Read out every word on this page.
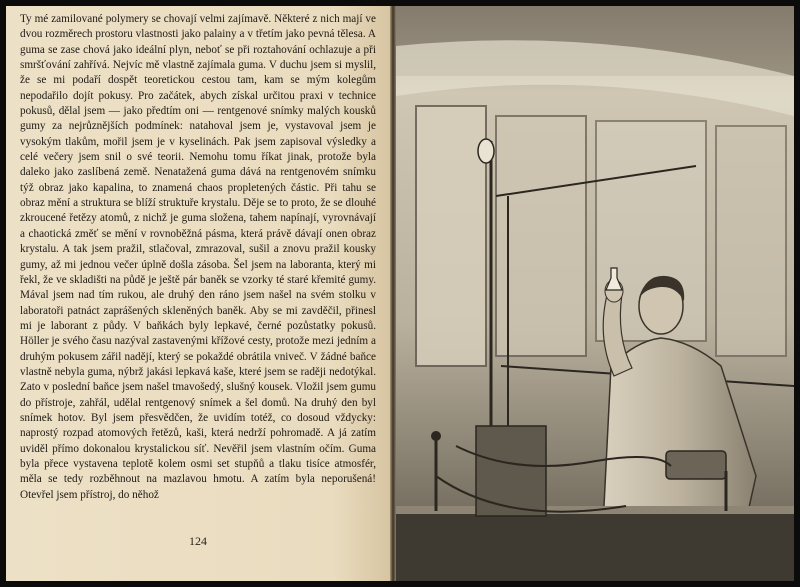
Ty mé zamilované polymery se chovají velmi zajímavě. Některé z nich mají ve dvou rozměrech prostoru vlastnosti jako palainy a v třetím jako pevná tělesa. A guma se zase chová jako ideální plyn, neboť se při roztahování ochlazuje a při smršťování zahřívá. Nejvíc mě vlastně zajímala guma. V duchu jsem si myslil, že se mi podaří dospět teoretickou cestou tam, kam se mým kolegům nepodařilo dojít pokusy. Pro začátek, abych získal určitou praxi v technice pokusů, dělal jsem — jako předtím oni — rentgenové snímky malých kousků gumy za nejrůznějších podmínek: natahoval jsem je, vystavoval jsem je vysokým tlakům, mořil jsem je v kyselinách. Pak jsem zapisoval výsledky a celé večery jsem snil o své teorii. Nemohu tomu říkat jinak, protože byla daleko jako zaslíbená země. Nenatažená guma dává na rentgenovém snímku týž obraz jako kapalina, to znamená chaos propletených částic. Při tahu se obraz mění a struktura se blíží struktuře krystalu. Děje se to proto, že se dlouhé zkroucené řetězy atomů, z nichž je guma složena, tahem napínají, vyrovnávají a chaotická změť se mění v rovnoběžná pásma, která právě dávají onen obraz krystalu. A tak jsem pražil, stlačoval, zmrazoval, sušil a znovu pražil kousky gumy, až mi jednou večer úplně došla zásoba. Šel jsem na laboranta, který mi řekl, že ve skladišti na půdě je ještě pár baněk se vzorky té staré křemité gumy. Mával jsem nad tím rukou, ale druhý den ráno jsem našel na svém stolku v laboratoři patnáct zaprášených skleněných baněk. Aby se mi zavděčil, přinesl mi je laborant z půdy. V baňkách byly lepkavé, černé pozůstatky pokusů. Höller je svého času nazýval zastavenými křížové cesty, protože mezi jedním a druhým pokusem zářil nadějí, který se pokaždé obrátila vniveč. V žádné baňce vlastně nebyla guma, nýbrž jakási lepkavá kaše, které jsem se raději nedotýkal. Zato v poslední baňce jsem našel tmavošedý, slušný kousek. Vložil jsem gumu do přístroje, zahřál, udělal rentgenový snímek a šel domů. Na druhý den byl snímek hotov. Byl jsem přesvědčen, že uvidím totéž, co dosoud vždycky: naprostý rozpad atomových řetězů, kaši, která nedrží pohromadě. A já zatím uviděl přímo dokonalou krystalickou síť. Nevěřil jsem vlastním očím. Guma byla přece vystavena teplotě kolem osmi set stupňů a tlaku tisíce atmosfér, měla se tedy rozběhnout na mazlavou hmotu. A zatím byla neporušená! Otevřel jsem přístroj, do něhož

124
